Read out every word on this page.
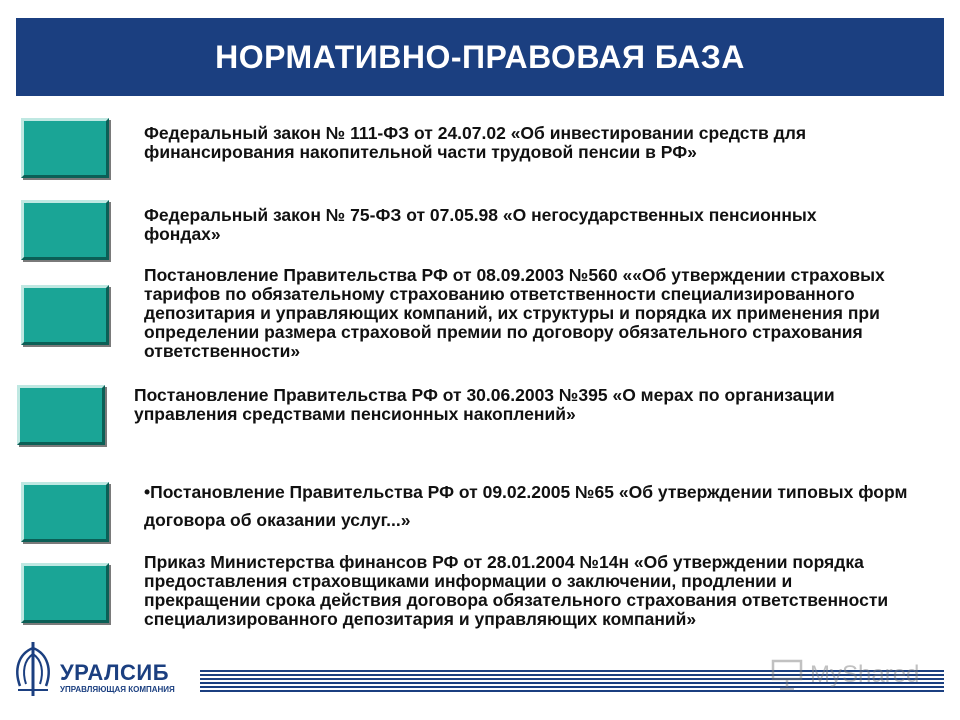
НОРМАТИВНО-ПРАВОВАЯ БАЗА

Федеральный закон № 111-ФЗ от 24.07.02 «Об инвестировании средств для финансирования накопительной части трудовой пенсии в РФ»

Федеральный закон № 75-ФЗ от 07.05.98 «О негосударственных пенсионных фондах»

Постановление Правительства РФ от 08.09.2003 №560 ««Об утверждении страховых тарифов по обязательному страхованию ответственности специализированного депозитария и управляющих компаний, их структуры и порядка их применения при определении размера страховой премии по договору обязательного страхования ответственности»

Постановление Правительства РФ от 30.06.2003 №395 «О мерах по организации управления средствами пенсионных накоплений»

•Постановление Правительства РФ от 09.02.2005 №65 «Об утверждении типовых форм договора об оказании услуг...»

Приказ Министерства финансов РФ от 28.01.2004 №14н «Об утверждении порядка предоставления страховщиками информации о заключении, продлении и прекращении срока действия договора обязательного страхования ответственности специализированного депозитария и управляющих компаний»

УРАЛСИБ
УПРАВЛЯЮЩАЯ КОМПАНИЯ
MyShared
